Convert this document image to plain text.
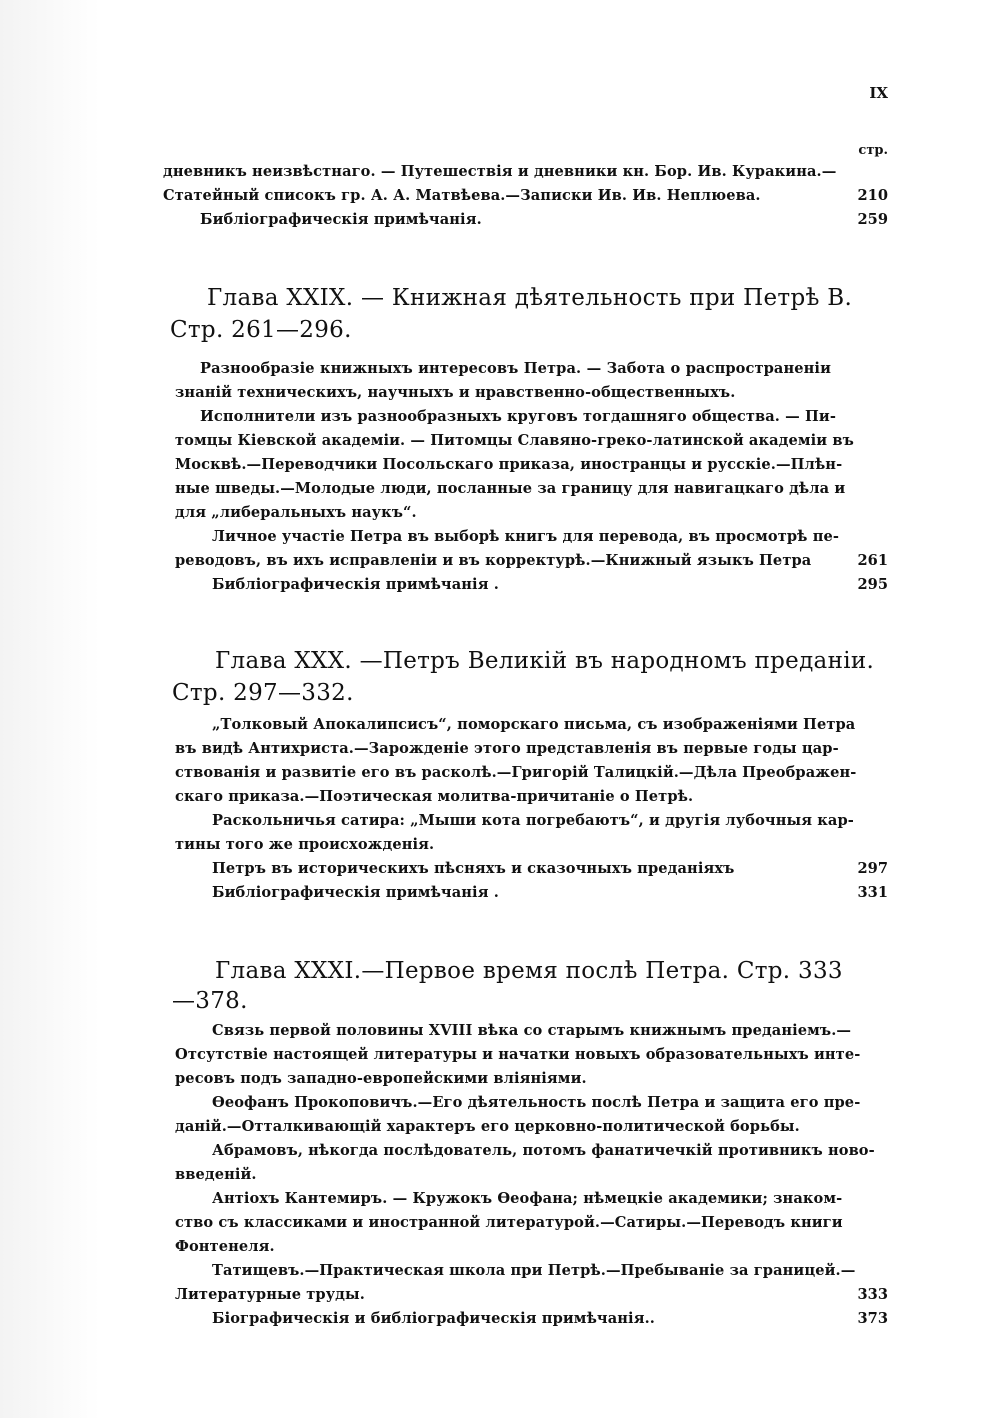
IX
стр.
дневникъ неизвѣстнаго. — Путешествія и дневники кн. Бор. Ив. Куракина.—
Статейный списокъ гр. А. А. Матвѣева.—Записки Ив. Ив. Неплюева.	210
Библіографическія примѣчанія.	259
Глава XXIX. — Книжная дѣятельность при Петрѣ В.
Стр. 261—296.
Разнообразіе книжныхъ интересовъ Петра. — Забота о распространеніи
знаній техническихъ, научныхъ и нравственно-общественныхъ.
Исполнители изъ разнообразныхъ круговъ тогдашняго общества. — Пи-
томцы Кіевской академіи. — Питомцы Славяно-греко-латинской академіи въ
Москвѣ.—Переводчики Посольскаго приказа, иностранцы и русскіе.—Плѣн-
ные шведы.—Молодые люди, посланные за границу для навигацкаго дѣла и
для „либеральныхъ наукъ“.
Личное участіе Петра въ выборѣ книгъ для перевода, въ просмотрѣ пе-
реводовъ, въ ихъ исправленіи и въ корректурѣ.—Книжный языкъ Петра	261
Библіографическія примѣчанія .	295
Глава XXX. —Петръ Великій въ народномъ преданіи.
Стр. 297—332.
„Толковый Апокалипсисъ“, поморскаго письма, съ изображеніями Петра
въ видѣ Антихриста.—Зарожденіе этого представленія въ первые годы цар-
ствованія и развитіе его въ расколѣ.—Григорій Талицкій.—Дѣла Преображен-
скаго приказа.—Поэтическая молитва-причитаніе о Петрѣ.
Раскольничья сатира: „Мыши кота погребаютъ“, и другія лубочныя кар-
тины того же происхожденія.
Петръ въ историческихъ пѣсняхъ и сказочныхъ преданіяхъ	297
Библіографическія примѣчанія .	331
Глава XXXI.—Первое время послѣ Петра. Стр. 333
—378.
Связь первой половины XVIII вѣка со старымъ книжнымъ преданіемъ.—
Отсутствіе настоящей литературы и начатки новыхъ образовательныхъ инте-
ресовъ подъ западно-европейскими вліяніями.
Ѳеофанъ Прокоповичъ.—Его дѣятельность послѣ Петра и защита его пре-
даній.—Отталкивающій характеръ его церковно-политической борьбы.
Абрамовъ, нѣкогда послѣдователь, потомъ фанатичечкій противникъ ново-
введеній.
Антіохъ Кантемиръ. — Кружокъ Ѳеофана; нѣмецкіе академики; знаком-
ство съ классиками и иностранной литературой.—Сатиры.—Переводъ книги
Фонтенеля.
Татищевъ.—Практическая школа при Петрѣ.—Пребываніе за границей.—
Литературные труды.	333
Біографическія и библіографическія примѣчанія..	373
